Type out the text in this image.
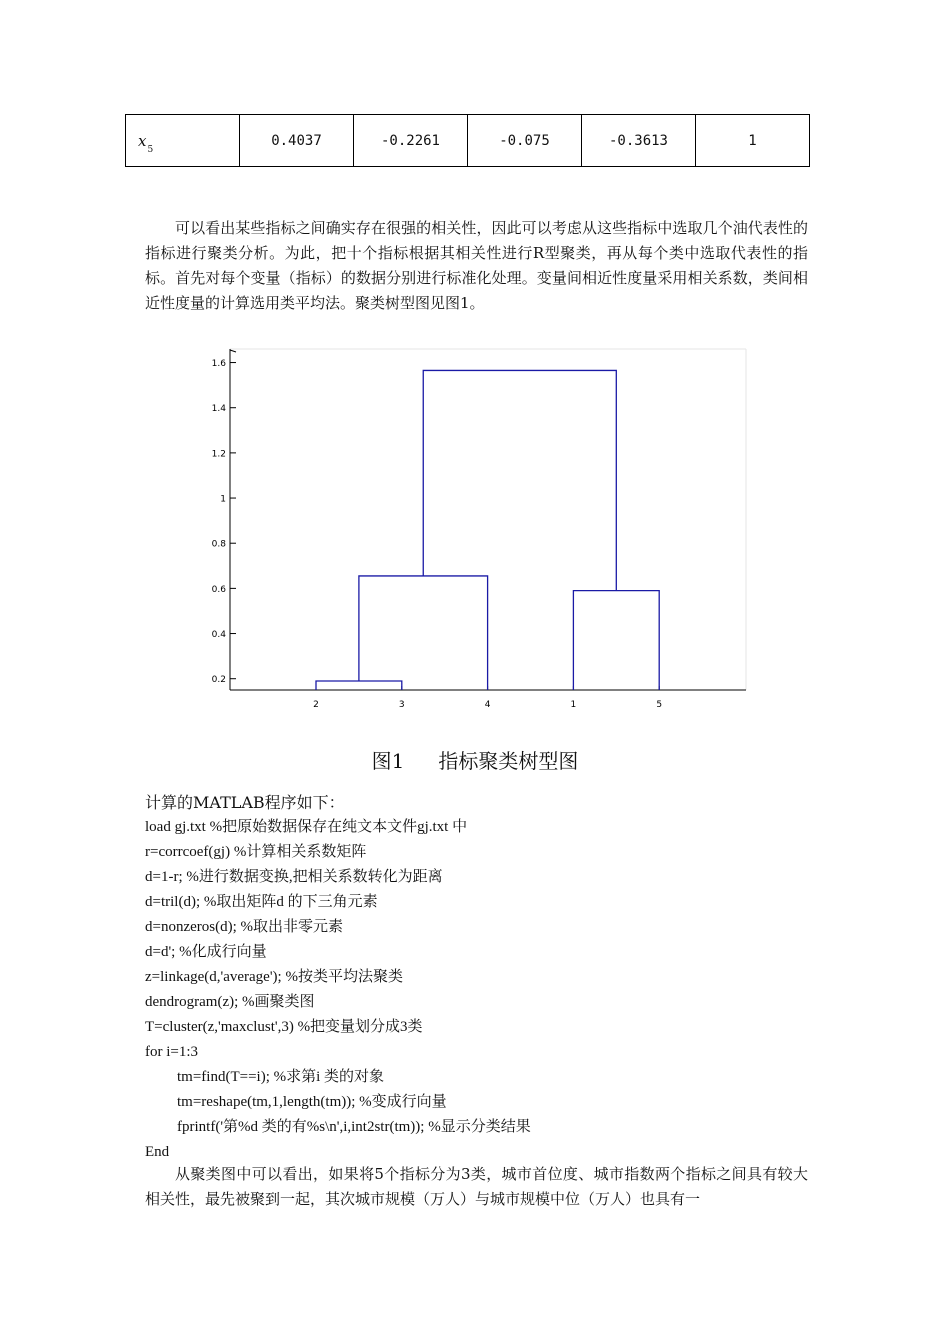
$x_5$	0.4037	-0.2261	-0.075	-0.3613	1

可以看出某些指标之间确实存在很强的相关性，因此可以考虑从这些指标中选取几个油代表性的指标进行聚类分析。为此，把十个指标根据其相关性进行R型聚类，再从每个类中选取代表性的指标。首先对每个变量（指标）的数据分别进行标准化处理。变量间相近性度量采用相关系数，类间相近性度量的计算选用类平均法。聚类树型图见图1。

0.2
0.4
0.6
0.8
1
1.2
1.4
1.6
2	3	4	1	5
图1 指标聚类树型图
计算的MATLAB程序如下：
load gj.txt %把原始数据保存在纯文本文件gj.txt 中
r=corrcoef(gj) %计算相关系数矩阵
d=1-r; %进行数据变换,把相关系数转化为距离
d=tril(d); %取出矩阵d 的下三角元素
d=nonzeros(d); %取出非零元素
d=d'; %化成行向量
z=linkage(d,'average'); %按类平均法聚类
dendrogram(z); %画聚类图
T=cluster(z,'maxclust',3) %把变量划分成3类
for i=1:3
tm=find(T==i); %求第i 类的对象
tm=reshape(tm,1,length(tm)); %变成行向量
fprintf('第%d 类的有%s\n',i,int2str(tm)); %显示分类结果
End

从聚类图中可以看出，如果将5个指标分为3类，城市首位度、城市指数两个指标之间具有较大相关性，最先被聚到一起，其次城市规模（万人）与城市规模中位（万人）也具有一
